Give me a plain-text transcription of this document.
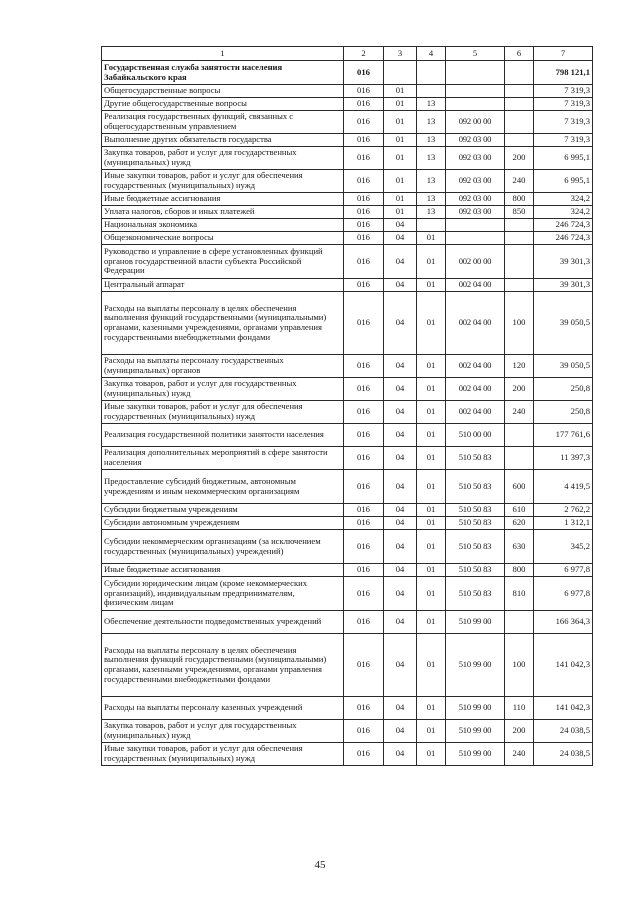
1	2	3	4	5	6	7
Государственная служба занятости населения Забайкальского края	016					798 121,1
Общегосударственные вопросы	016	01				7 319,3
Другие общегосударственные вопросы	016	01	13			7 319,3
Реализация государственных функций, связанных с общегосударственным управлением	016	01	13	092 00 00		7 319,3
Выполнение других обязательств государства	016	01	13	092 03 00		7 319,3
Закупка товаров, работ и услуг для государственных (муниципальных) нужд	016	01	13	092 03 00	200	6 995,1
Иные закупки товаров, работ и услуг для обеспечения государственных (муниципальных) нужд	016	01	13	092 03 00	240	6 995,1
Иные бюджетные ассигнования	016	01	13	092 03 00	800	324,2
Уплата налогов, сборов и иных платежей	016	01	13	092 03 00	850	324,2
Национальная экономика	016	04				246 724,3
Общеэкономические вопросы	016	04	01			246 724,3
Руководство и управление в сфере установленных функций органов государственной власти субъекта Российской Федерации	016	04	01	002 00 00		39 301,3
Центральный аппарат	016	04	01	002 04 00		39 301,3
Расходы на выплаты персоналу в целях обеспечения выполнения функций государственными (муниципальными) органами, казенными учреждениями, органами управления государственными внебюджетными фондами	016	04	01	002 04 00	100	39 050,5
Расходы на выплаты персоналу государственных (муниципальных) органов	016	04	01	002 04 00	120	39 050,5
Закупка товаров, работ и услуг для государственных (муниципальных) нужд	016	04	01	002 04 00	200	250,8
Иные закупки товаров, работ и услуг для обеспечения государственных (муниципальных) нужд	016	04	01	002 04 00	240	250,8
Реализация государственной политики занятости населения	016	04	01	510 00 00		177 761,6
Реализация дополнительных мероприятий в сфере занятости населения	016	04	01	510 50 83		11 397,3
Предоставление субсидий бюджетным, автономным учреждениям и иным некоммерческим организациям	016	04	01	510 50 83	600	4 419,5
Субсидии бюджетным учреждениям	016	04	01	510 50 83	610	2 762,2
Субсидии автономным учреждениям	016	04	01	510 50 83	620	1 312,1
Субсидии некоммерческим организациям (за исключением государственных (муниципальных) учреждений)	016	04	01	510 50 83	630	345,2
Иные бюджетные ассигнования	016	04	01	510 50 83	800	6 977,8
Субсидии юридическим лицам (кроме некоммерческих организаций), индивидуальным предпринимателям, физическим лицам	016	04	01	510 50 83	810	6 977,8
Обеспечение деятельности подведомственных учреждений	016	04	01	510 99 00		166 364,3
Расходы на выплаты персоналу в целях обеспечения выполнения функций государственными (муниципальными) органами, казенными учреждениями, органами управления государственными внебюджетными фондами	016	04	01	510 99 00	100	141 042,3
Расходы на выплаты персоналу казенных учреждений	016	04	01	510 99 00	110	141 042,3
Закупка товаров, работ и услуг для государственных (муниципальных) нужд	016	04	01	510 99 00	200	24 038,5
Иные закупки товаров, работ и услуг для обеспечения государственных (муниципальных) нужд	016	04	01	510 99 00	240	24 038,5
45
